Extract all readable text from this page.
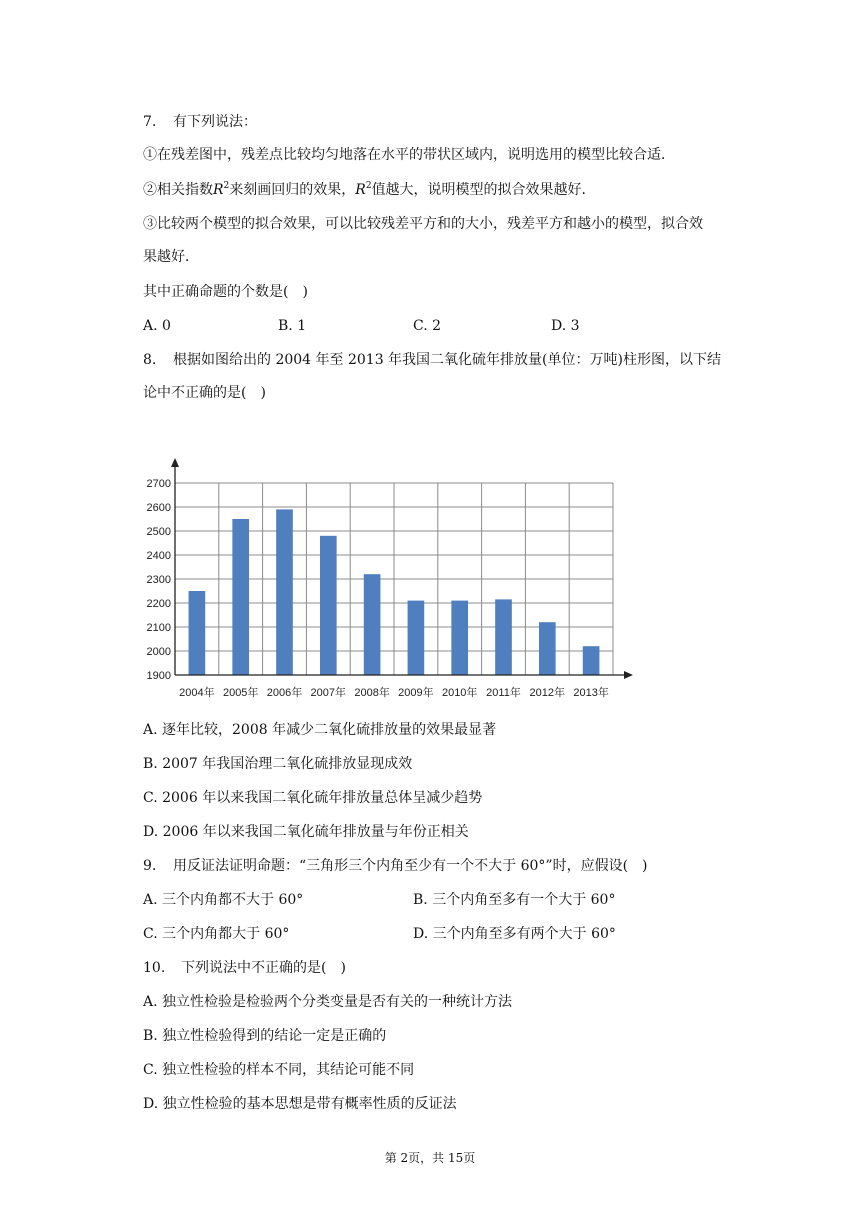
7. 有下列说法：
①在残差图中，残差点比较均匀地落在水平的带状区域内，说明选用的模型比较合适．
②相关指数$R^2$来刻画回归的效果，$R^2$值越大，说明模型的拟合效果越好．
③比较两个模型的拟合效果，可以比较残差平方和的大小，残差平方和越小的模型，拟合效
果越好．
其中正确命题的个数是(　)
A. 0	B. 1	C. 2	D. 3
8. 根据如图给出的 2004 年至 2013 年我国二氧化硫年排放量(单位：万吨)柱形图，以下结
论中不正确的是(　)
1900
2000
2100
2200
2300
2400
2500
2600
2700
2004年 2005年 2006年 2007年 2008年 2009年 2010年 2011年 2012年 2013年
A. 逐年比较，2008 年减少二氧化硫排放量的效果最显著
B. 2007 年我国治理二氧化硫排放显现成效
C. 2006 年以来我国二氧化硫年排放量总体呈减少趋势
D. 2006 年以来我国二氧化硫年排放量与年份正相关
9. 用反证法证明命题：“三角形三个内角至少有一个不大于 60°”时，应假设(　)
A. 三个内角都不大于 60°	B. 三个内角至多有一个大于 60°
C. 三个内角都大于 60°	D. 三个内角至多有两个大于 60°
10. 下列说法中不正确的是(　)
A. 独立性检验是检验两个分类变量是否有关的一种统计方法
B. 独立性检验得到的结论一定是正确的
C. 独立性检验的样本不同，其结论可能不同
D. 独立性检验的基本思想是带有概率性质的反证法
第 2页，共 15页
